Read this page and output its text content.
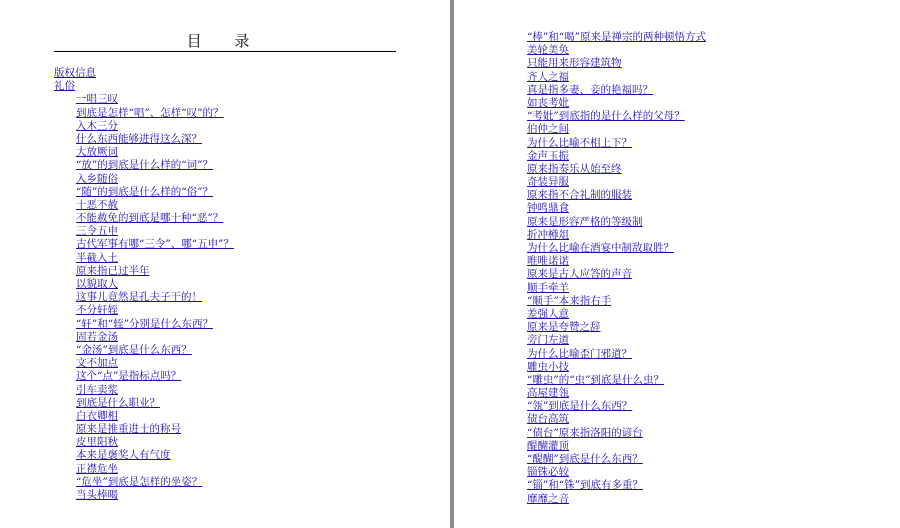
目 录
版权信息
礼俗
一唱三叹
到底是怎样“唱”、怎样“叹”的？
入木三分
什么东西能够进得这么深？
大放厥词
“放”的到底是什么样的“词”？
入乡随俗
“随”的到底是什么样的“俗”？
十恶不赦
不能赦免的到底是哪十种“恶”？
三令五申
古代军事有哪“三令”、哪“五申”？
半截入土
原来指已过半年
以貌取人
这事儿竟然是孔夫子干的！
不分轩轾
“轩”和“轾”分别是什么东西？
固若金汤
“金汤”到底是什么东西？
文不加点
这个“点”是指标点吗？
引车卖浆
到底是什么职业？
白衣卿相
原来是推重进士的称号
皮里阳秋
本来是褒奖人有气度
正襟危坐
“危坐”到底是怎样的坐姿？
当头棒喝
“棒”和“喝”原来是禅宗的两种顿悟方式
美轮美奂
只能用来形容建筑物
齐人之福
真是指多妻、妾的艳福吗？
如丧考妣
“考妣”到底指的是什么样的父母？
伯仲之间
为什么比喻不相上下？
金声玉振
原来指奏乐从始至终
奇装异服
原来指不合礼制的服装
钟鸣鼎食
原来是形容严格的等级制
折冲樽俎
为什么比喻在酒宴中制敌取胜？
唯唯诺诺
原来是古人应答的声音
顺手牵羊
“顺手”本来指右手
差强人意
原来是夸赞之辞
旁门左道
为什么比喻歪门邪道？
雕虫小技
“雕虫”的“虫”到底是什么虫？
高屋建瓴
“瓴”到底是什么东西？
债台高筑
“债台”原来指洛阳的谚台
醍醐灌顶
“醍醐”到底是什么东西？
锱铢必较
“锱”和“铢”到底有多重？
靡靡之音
